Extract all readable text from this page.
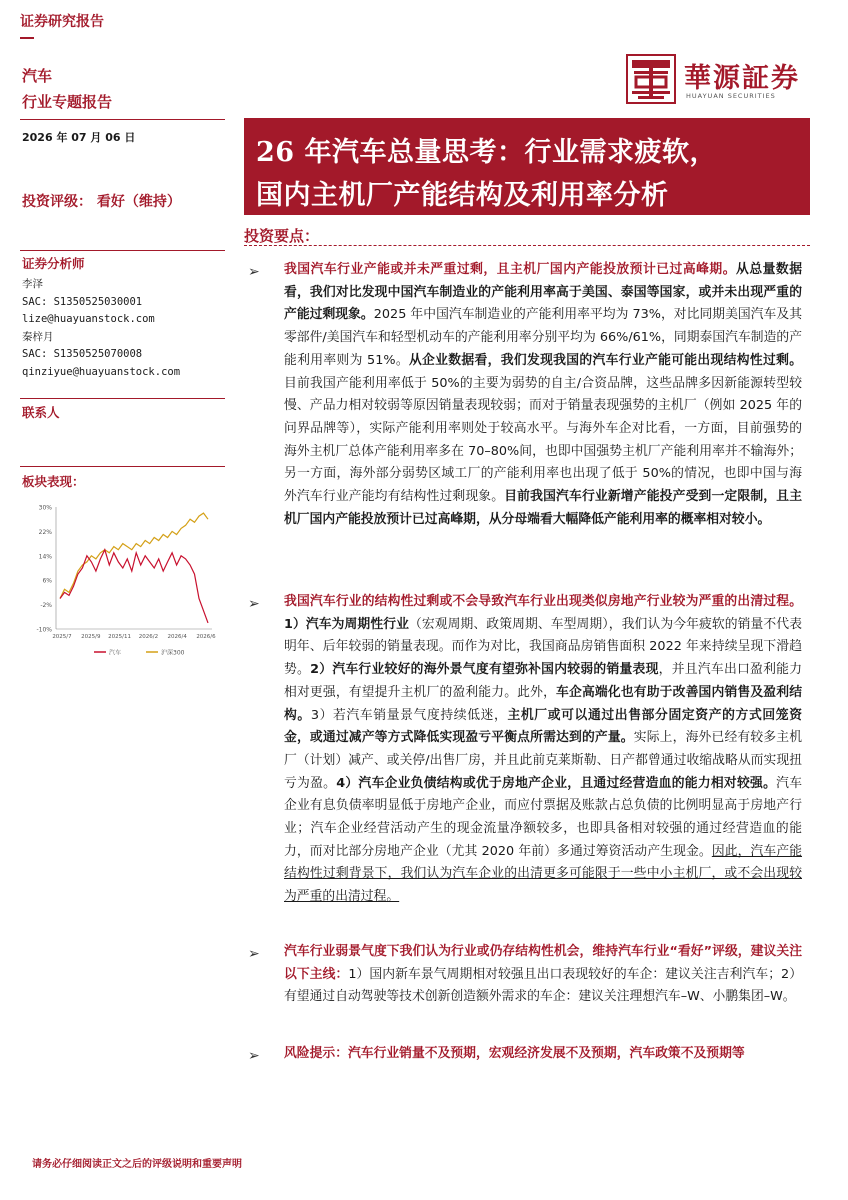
证券研究报告
汽车
行业专题报告
華源証券
HUAYUAN SECURITIES
2026 年 07 月 06 日
投资评级： 看好（维持）
证券分析师
李泽
SAC: S1350525030001
lize@huayuanstock.com
秦梓月
SAC: S1350525070008
qinziyue@huayuanstock.com
联系人
板块表现：
30%
22%
14%
6%
-2%
-10%
2025/7 2025/9 2025/11 2026/2 2026/4 2026/6
汽车	沪深300
26 年汽车总量思考：行业需求疲软，
国内主机厂产能结构及利用率分析
投资要点：
➢ 我国汽车行业产能或并未严重过剩，且主机厂国内产能投放预计已过高峰期。从总量数据看，我们对比发现中国汽车制造业的产能利用率高于美国、泰国等国家，或并未出现严重的产能过剩现象。2025 年中国汽车制造业的产能利用率平均为 73%，对比同期美国汽车及其零部件/美国汽车和轻型机动车的产能利用率分别平均为 66%/61%，同期泰国汽车制造的产能利用率则为 51%。从企业数据看，我们发现我国的汽车行业产能可能出现结构性过剩。目前我国产能利用率低于 50%的主要为弱势的自主/合资品牌，这些品牌多因新能源转型较慢、产品力相对较弱等原因销量表现较弱；而对于销量表现强势的主机厂（例如 2025 年的问界品牌等），实际产能利用率则处于较高水平。与海外车企对比看，一方面，目前强势的海外主机厂总体产能利用率多在 70–80%间，也即中国强势主机厂产能利用率并不输海外；另一方面，海外部分弱势区域工厂的产能利用率也出现了低于 50%的情况，也即中国与海外汽车行业产能均有结构性过剩现象。目前我国汽车行业新增产能投产受到一定限制，且主机厂国内产能投放预计已过高峰期，从分母端看大幅降低产能利用率的概率相对较小。
➢ 我国汽车行业的结构性过剩或不会导致汽车行业出现类似房地产行业较为严重的出清过程。1）汽车为周期性行业（宏观周期、政策周期、车型周期），我们认为今年疲软的销量不代表明年、后年较弱的销量表现。而作为对比，我国商品房销售面积 2022 年来持续呈现下滑趋势。2）汽车行业较好的海外景气度有望弥补国内较弱的销量表现，并且汽车出口盈利能力相对更强，有望提升主机厂的盈利能力。此外，车企高端化也有助于改善国内销售及盈利结构。3）若汽车销量景气度持续低迷，主机厂或可以通过出售部分固定资产的方式回笼资金，或通过减产等方式降低实现盈亏平衡点所需达到的产量。实际上，海外已经有较多主机厂（计划）减产、或关停/出售厂房，并且此前克莱斯勒、日产都曾通过收缩战略从而实现扭亏为盈。4）汽车企业负债结构或优于房地产企业，且通过经营造血的能力相对较强。汽车企业有息负债率明显低于房地产企业，而应付票据及账款占总负债的比例明显高于房地产行业；汽车企业经营活动产生的现金流量净额较多，也即具备相对较强的通过经营造血的能力，而对比部分房地产企业（尤其 2020 年前）多通过筹资活动产生现金。因此，汽车产能结构性过剩背景下，我们认为汽车企业的出清更多可能限于一些中小主机厂，或不会出现较为严重的出清过程。
➢ 汽车行业弱景气度下我们认为行业或仍存结构性机会，维持汽车行业“看好”评级，建议关注以下主线：1）国内新车景气周期相对较强且出口表现较好的车企：建议关注吉利汽车；2）有望通过自动驾驶等技术创新创造额外需求的车企：建议关注理想汽车–W、小鹏集团–W。
➢ 风险提示：汽车行业销量不及预期，宏观经济发展不及预期，汽车政策不及预期等
请务必仔细阅读正文之后的评级说明和重要声明
